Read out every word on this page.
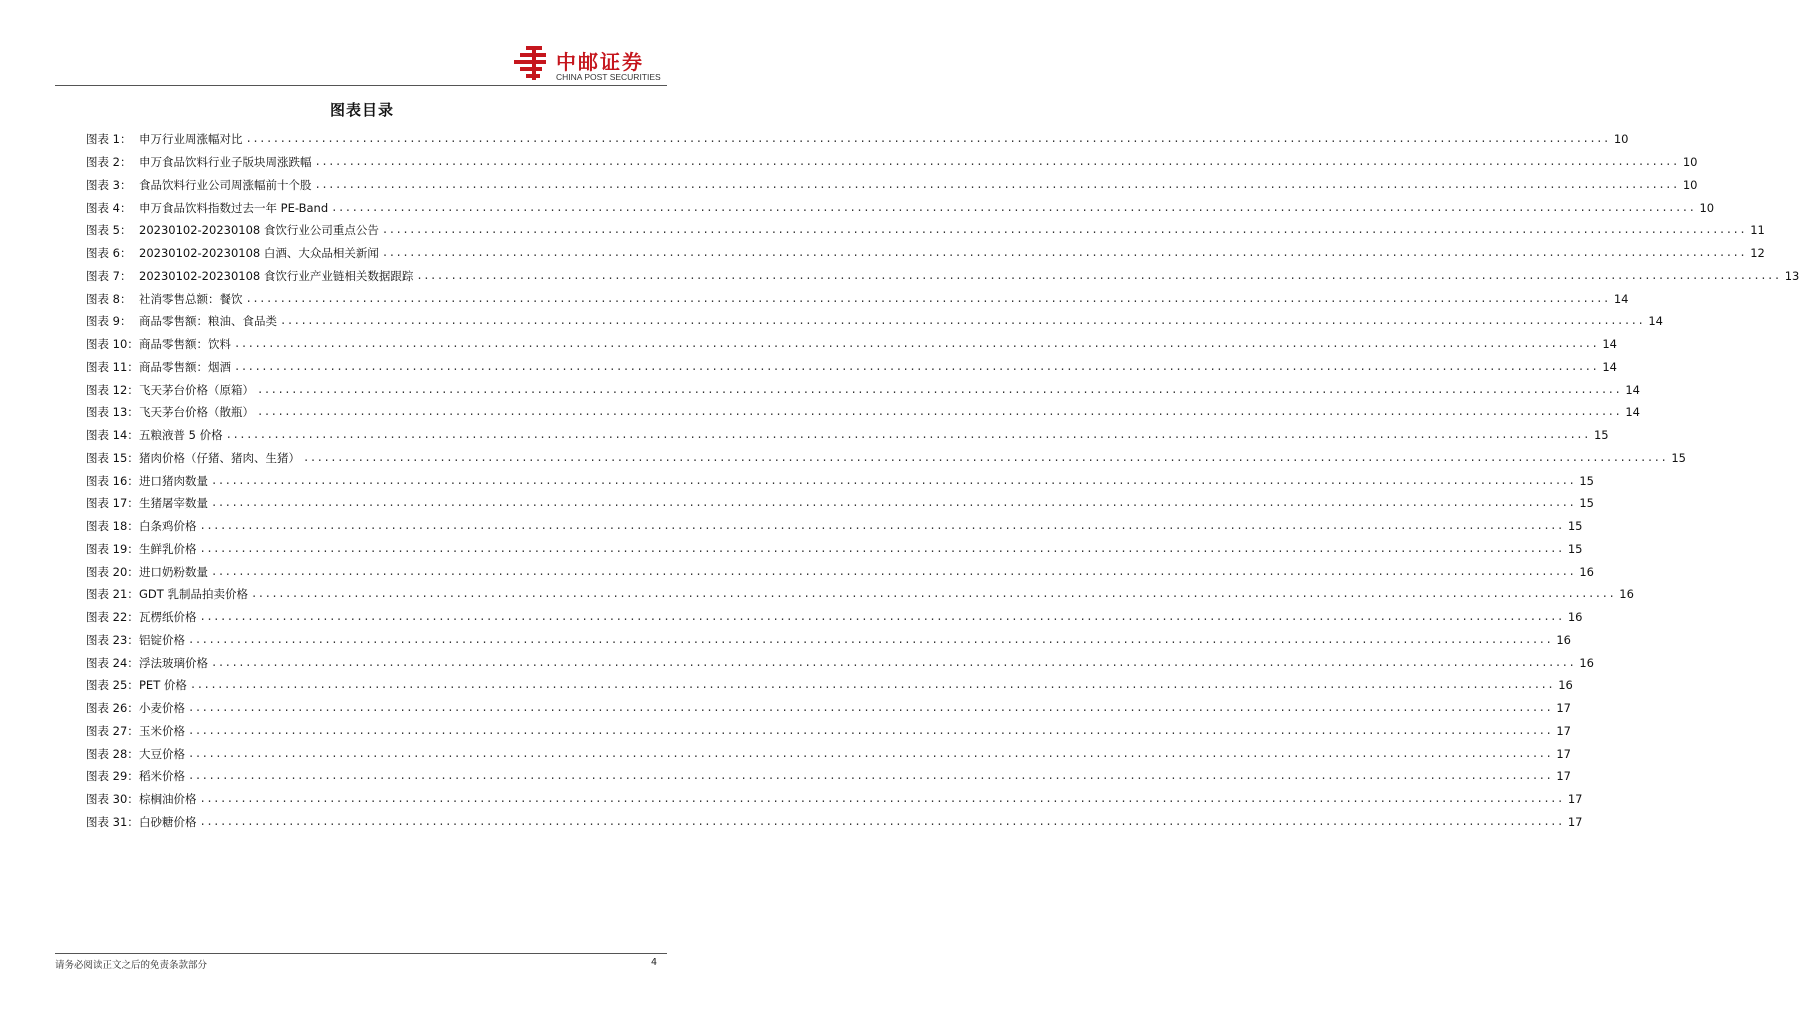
中邮证券
CHINA POST SECURITIES
图表目录
图表 1： 申万行业周涨幅对比 ........................................................................................................................................................................................................ 10
图表 2： 申万食品饮料行业子版块周涨跌幅 ........................................................................................................................................................................................................ 10
图表 3： 食品饮料行业公司周涨幅前十个股 ........................................................................................................................................................................................................ 10
图表 4： 申万食品饮料指数过去一年 PE-Band ........................................................................................................................................................................................................ 10
图表 5： 20230102-20230108 食饮行业公司重点公告 ........................................................................................................................................................................................................ 11
图表 6： 20230102-20230108 白酒、大众品相关新闻 ........................................................................................................................................................................................................ 12
图表 7： 20230102-20230108 食饮行业产业链相关数据跟踪 ........................................................................................................................................................................................................ 13
图表 8： 社消零售总额：餐饮 ........................................................................................................................................................................................................ 14
图表 9： 商品零售额：粮油、食品类 ........................................................................................................................................................................................................ 14
图表 10： 商品零售额：饮料 ........................................................................................................................................................................................................ 14
图表 11： 商品零售额：烟酒 ........................................................................................................................................................................................................ 14
图表 12： 飞天茅台价格（原箱） ........................................................................................................................................................................................................ 14
图表 13： 飞天茅台价格（散瓶） ........................................................................................................................................................................................................ 14
图表 14： 五粮液普 5 价格 ........................................................................................................................................................................................................ 15
图表 15： 猪肉价格（仔猪、猪肉、生猪） ........................................................................................................................................................................................................ 15
图表 16： 进口猪肉数量 ........................................................................................................................................................................................................ 15
图表 17： 生猪屠宰数量 ........................................................................................................................................................................................................ 15
图表 18： 白条鸡价格 ........................................................................................................................................................................................................ 15
图表 19： 生鲜乳价格 ........................................................................................................................................................................................................ 15
图表 20： 进口奶粉数量 ........................................................................................................................................................................................................ 16
图表 21： GDT 乳制品拍卖价格 ........................................................................................................................................................................................................ 16
图表 22： 瓦楞纸价格 ........................................................................................................................................................................................................ 16
图表 23： 铝锭价格 ........................................................................................................................................................................................................ 16
图表 24： 浮法玻璃价格 ........................................................................................................................................................................................................ 16
图表 25： PET 价格 ........................................................................................................................................................................................................ 16
图表 26： 小麦价格 ........................................................................................................................................................................................................ 17
图表 27： 玉米价格 ........................................................................................................................................................................................................ 17
图表 28： 大豆价格 ........................................................................................................................................................................................................ 17
图表 29： 稻米价格 ........................................................................................................................................................................................................ 17
图表 30： 棕榈油价格 ........................................................................................................................................................................................................ 17
图表 31： 白砂糖价格 ........................................................................................................................................................................................................ 17
请务必阅读正文之后的免责条款部分	4
